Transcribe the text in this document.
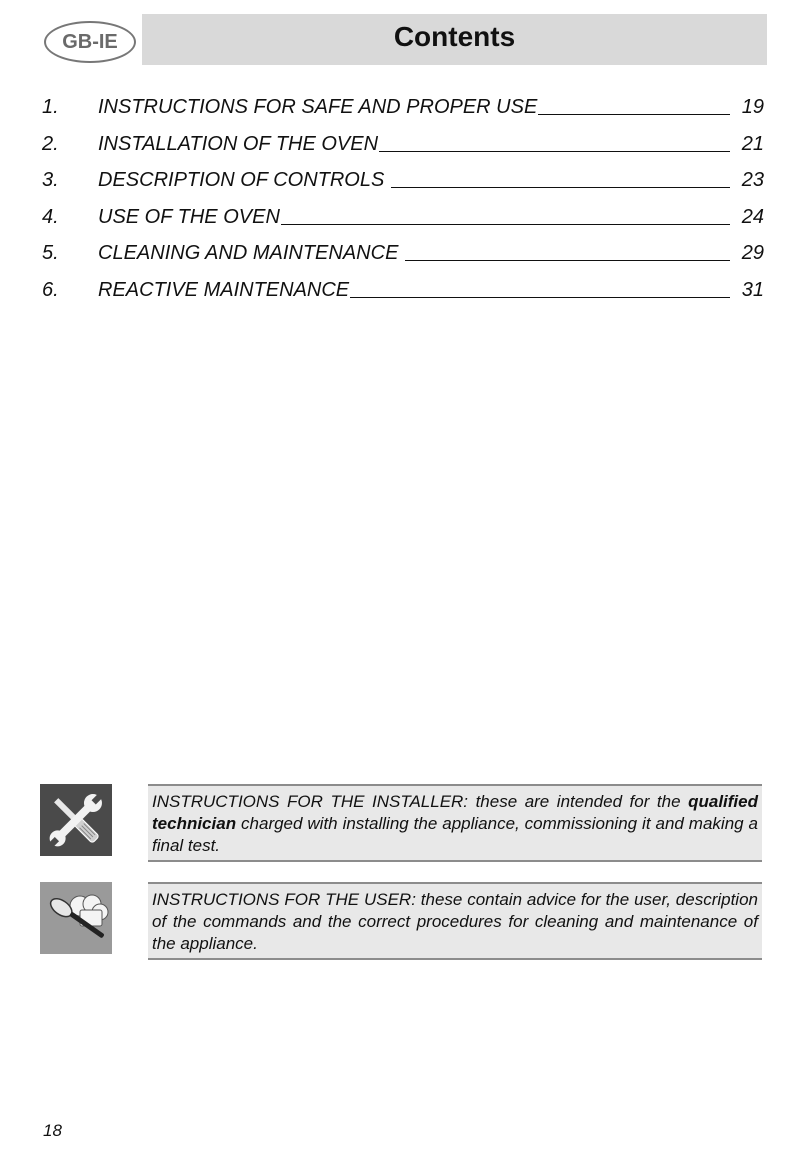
GB-IE	Contents
1.	INSTRUCTIONS FOR SAFE AND PROPER USE	19
2.	INSTALLATION OF THE OVEN	21
3.	DESCRIPTION OF CONTROLS	23
4.	USE OF THE OVEN	24
5.	CLEANING AND MAINTENANCE	29
6.	REACTIVE MAINTENANCE	31
INSTRUCTIONS FOR THE INSTALLER: these are intended for the qualified technician charged with installing the appliance, commissioning it and making a final test.
INSTRUCTIONS FOR THE USER: these contain advice for the user, description of the commands and the correct procedures for cleaning and maintenance of the appliance.
18
